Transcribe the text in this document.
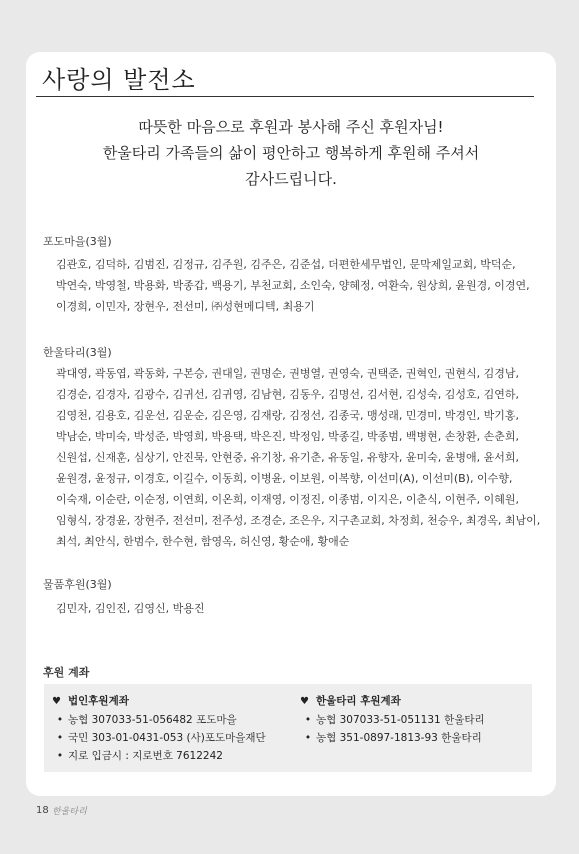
사랑의 발전소
따뜻한 마음으로 후원과 봉사해 주신 후원자님!
한울타리 가족들의 삶이 평안하고 행복하게 후원해 주셔서
감사드립니다.
포도마을(3월)
김관호, 김덕하, 김범진, 김정규, 김주원, 김주은, 김준섭, 더편한세무법인, 문막제일교회, 박덕순, 박연숙, 박영철, 박용화, 박종갑, 백용기, 부천교회, 소인숙, 양혜정, 여환숙, 원상희, 윤원경, 이경연, 이경희, 이민자, 장현우, 전선미, ㈜성현메디텍, 최용기
한울타리(3월)
곽대영, 곽동엽, 곽동화, 구본승, 권대일, 권명순, 권병열, 권영숙, 권택준, 권혁인, 권현식, 김경남, 김경순, 김경자, 김광수, 김귀선, 김귀영, 김남현, 김동우, 김명선, 김서현, 김성숙, 김성호, 김연하, 김영천, 김용호, 김운선, 김운순, 김은영, 김재랑, 김정선, 김종국, 맹성래, 민경미, 박경인, 박기홍, 박남순, 박미숙, 박성준, 박영희, 박용택, 박은진, 박정임, 박종길, 박종범, 백병현, 손창환, 손춘희, 신원섭, 신재훈, 심상기, 안진묵, 안현중, 유기창, 유기춘, 유동일, 유향자, 윤미숙, 윤병애, 윤서희, 윤원경, 윤정규, 이경호, 이길수, 이동희, 이병윤, 이보원, 이복향, 이선미(A), 이선미(B), 이수향, 이숙재, 이순란, 이순정, 이연희, 이온희, 이재영, 이정진, 이종범, 이지은, 이춘식, 이현주, 이혜원, 임형식, 장경윤, 장현주, 전선미, 전주성, 조경순, 조은우, 지구촌교회, 차정희, 천승우, 최경옥, 최남이, 최석, 최안식, 한범수, 한수현, 함영옥, 허신영, 황순애, 황애순
물품후원(3월)
김민자, 김인진, 김영신, 박용진
후원 계좌
♥ 법인후원계좌
• 농협 307033-51-056482 포도마을
• 국민 303-01-0431-053 (사)포도마을재단
• 지로 입금시 : 지로번호 7612242
♥ 한울타리 후원계좌
• 농협 307033-51-051131 한울타리
• 농협 351-0897-1813-93 한울타리
18 한울타리
